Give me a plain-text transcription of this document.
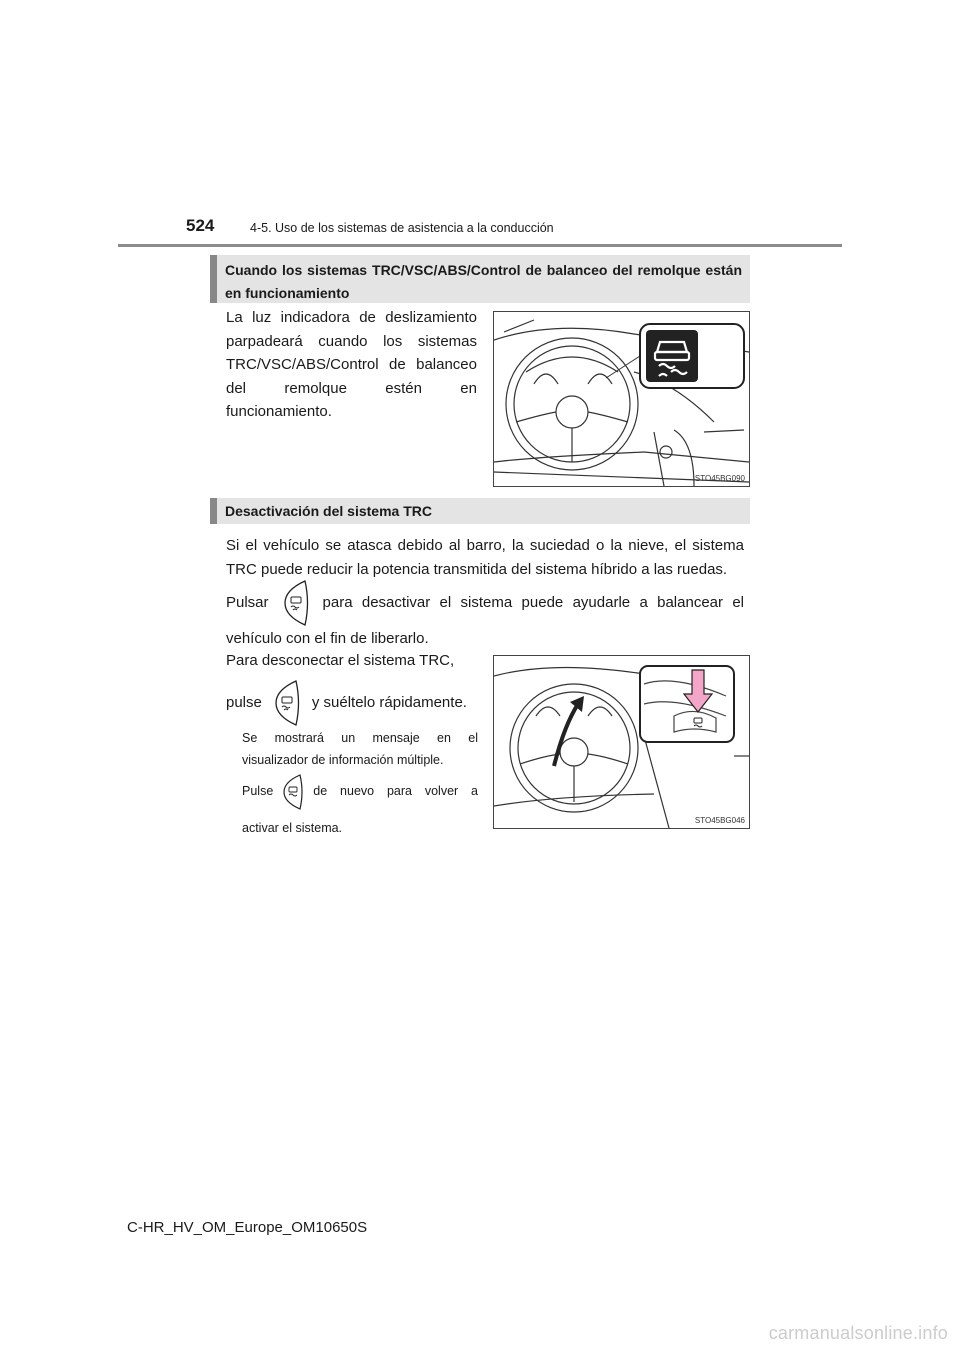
524	4-5. Uso de los sistemas de asistencia a la conducción
Cuando los sistemas TRC/VSC/ABS/Control de balanceo del remolque están en funcionamiento
La luz indicadora de deslizamiento parpadeará cuando los sistemas TRC/VSC/ABS/Control de balanceo del remolque estén en funcionamiento.
STO45BG090
Desactivación del sistema TRC
Si el vehículo se atasca debido al barro, la suciedad o la nieve, el sistema TRC puede reducir la potencia transmitida del sistema híbrido a las ruedas.
Pulsar	para desactivar el sistema puede ayudarle a balancear el vehículo con el fin de liberarlo.
Para desconectar el sistema TRC,
pulse	y suéltelo rápidamente.
Se mostrará un mensaje en el visualizador de información múltiple.
Pulse	de nuevo para volver a activar el sistema.
STO45BG046
C-HR_HV_OM_Europe_OM10650S
carmanualsonline.info
